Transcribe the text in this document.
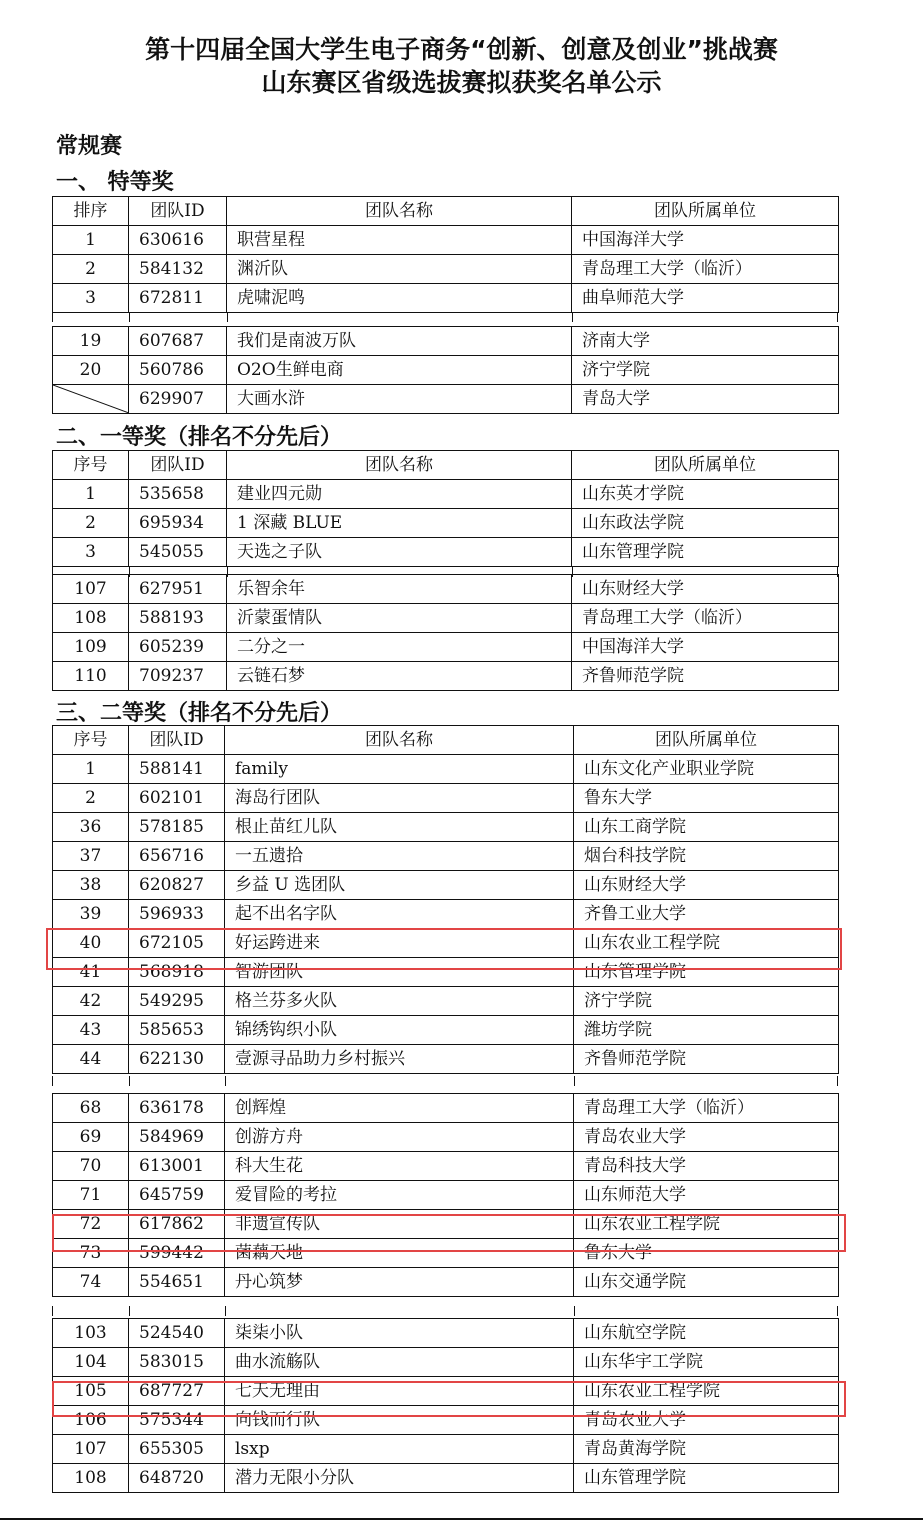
第十四届全国大学生电子商务“创新、创意及创业”挑战赛
山东赛区省级选拔赛拟获奖名单公示
常规赛
一、 特等奖
排序	团队ID	团队名称	团队所属单位
1	630616	职营星程	中国海洋大学
2	584132	渊沂队	青岛理工大学（临沂）
3	672811	虎啸泥鸣	曲阜师范大学
19	607687	我们是南波万队	济南大学
20	560786	O2O生鲜电商	济宁学院

	629907	大画水浒	青岛大学
二、一等奖（排名不分先后）
序号	团队ID	团队名称	团队所属单位
1	535658	建业四元勋	山东英才学院
2	695934	1 深藏 BLUE	山东政法学院
3	545055	天选之子队	山东管理学院
107	627951	乐智余年	山东财经大学
108	588193	沂蒙蛋情队	青岛理工大学（临沂）
109	605239	二分之一	中国海洋大学
110	709237	云链石梦	齐鲁师范学院
三、二等奖（排名不分先后）
序号	团队ID	团队名称	团队所属单位
1	588141	family	山东文化产业职业学院
2	602101	海岛行团队	鲁东大学
36	578185	根止苗红儿队	山东工商学院
37	656716	一五遗拾	烟台科技学院
38	620827	乡益 U 选团队	山东财经大学
39	596933	起不出名字队	齐鲁工业大学
40	672105	好运跨进来	山东农业工程学院
41	568918	智游团队	山东管理学院
42	549295	格兰芬多火队	济宁学院
43	585653	锦绣钩织小队	潍坊学院
44	622130	壹源寻品助力乡村振兴	齐鲁师范学院
68	636178	创辉煌	青岛理工大学（临沂）
69	584969	创游方舟	青岛农业大学
70	613001	科大生花	青岛科技大学
71	645759	爱冒险的考拉	山东师范大学
72	617862	非遗宣传队	山东农业工程学院
73	599442	菌藕天地	鲁东大学
74	554651	丹心筑梦	山东交通学院
103	524540	柒柒小队	山东航空学院
104	583015	曲水流觞队	山东华宇工学院
105	687727	七天无理由	山东农业工程学院
106	575344	向钱而行队	青岛农业大学
107	655305	lsxp	青岛黄海学院
108	648720	潜力无限小分队	山东管理学院
